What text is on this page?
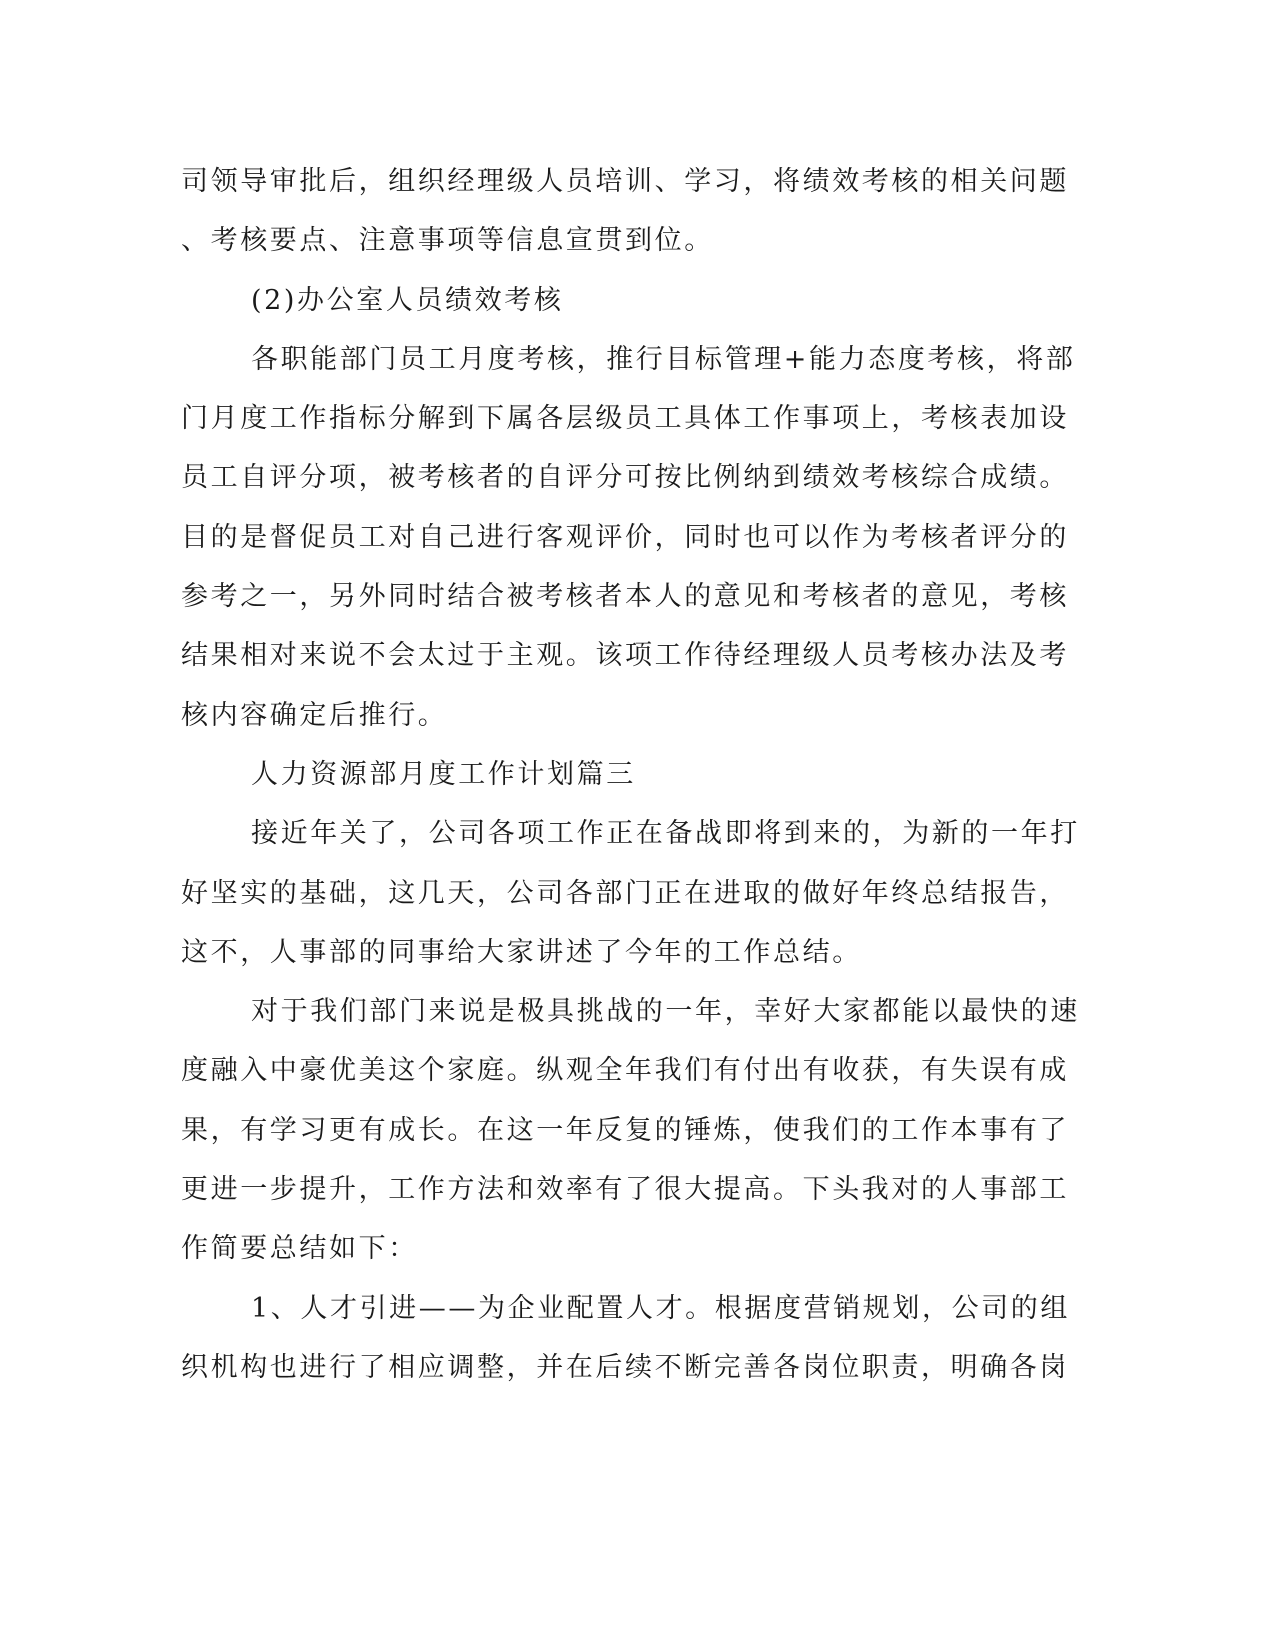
司领导审批后，组织经理级人员培训、学习，将绩效考核的相关问题
、考核要点、注意事项等信息宣贯到位。
(2)办公室人员绩效考核
各职能部门员工月度考核，推行目标管理+能力态度考核，将部
门月度工作指标分解到下属各层级员工具体工作事项上，考核表加设
员工自评分项，被考核者的自评分可按比例纳到绩效考核综合成绩。
目的是督促员工对自己进行客观评价，同时也可以作为考核者评分的
参考之一，另外同时结合被考核者本人的意见和考核者的意见，考核
结果相对来说不会太过于主观。该项工作待经理级人员考核办法及考
核内容确定后推行。
人力资源部月度工作计划篇三
接近年关了，公司各项工作正在备战即将到来的，为新的一年打
好坚实的基础，这几天，公司各部门正在进取的做好年终总结报告，
这不，人事部的同事给大家讲述了今年的工作总结。
对于我们部门来说是极具挑战的一年，幸好大家都能以最快的速
度融入中豪优美这个家庭。纵观全年我们有付出有收获，有失误有成
果，有学习更有成长。在这一年反复的锤炼，使我们的工作本事有了
更进一步提升，工作方法和效率有了很大提高。下头我对的人事部工
作简要总结如下：
1、人才引进——为企业配置人才。根据度营销规划，公司的组
织机构也进行了相应调整，并在后续不断完善各岗位职责，明确各岗
